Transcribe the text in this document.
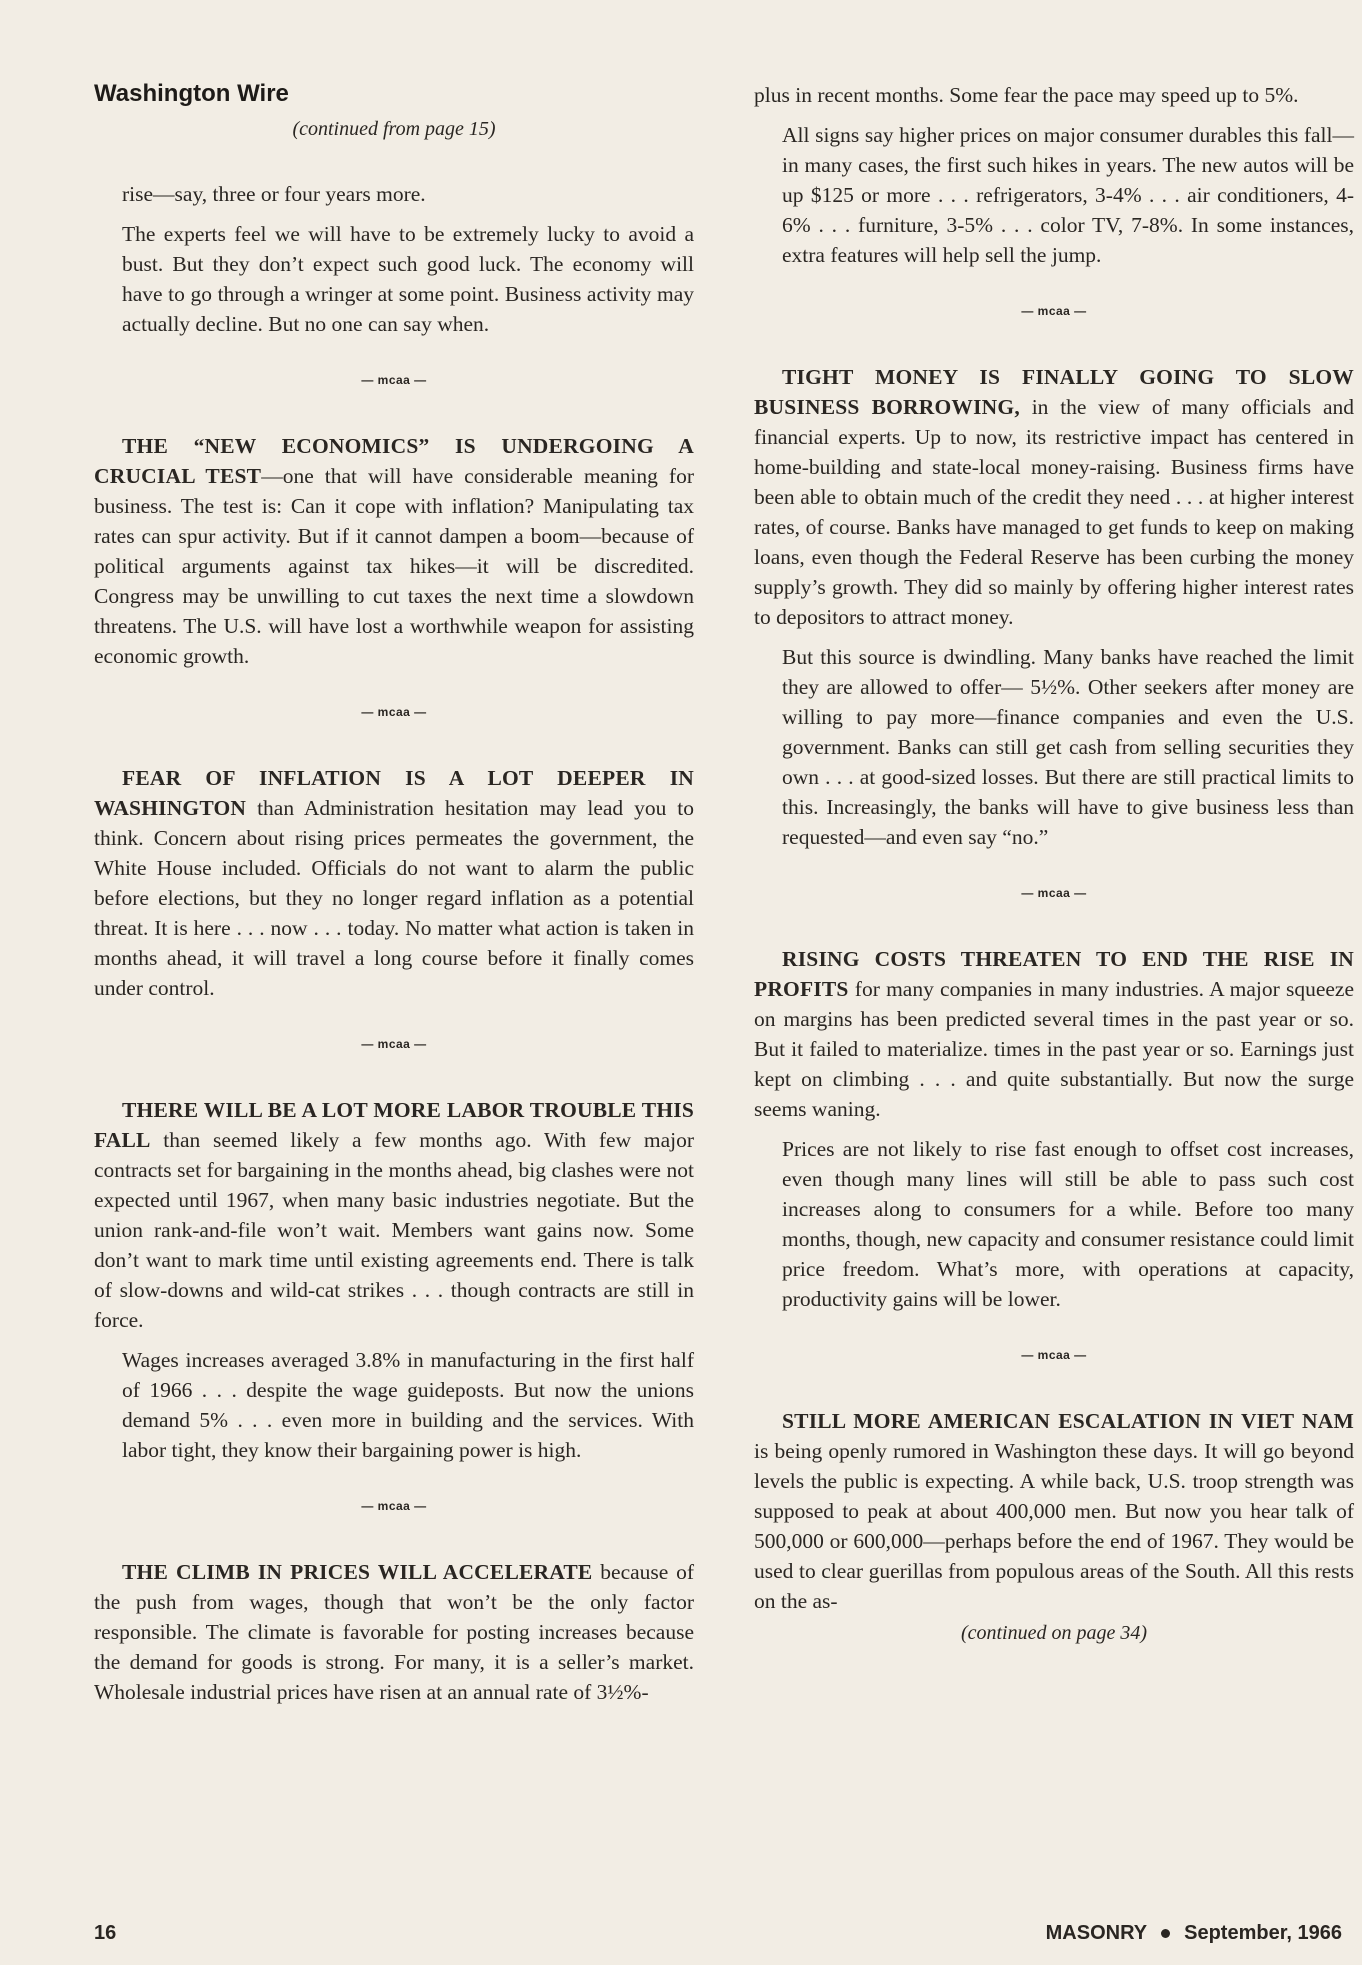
Washington Wire
(continued from page 15)

rise—say, three or four years more.

The experts feel we will have to be extremely lucky to avoid a bust. But they don’t expect such good luck. The economy will have to go through a wringer at some point. Business activity may actually decline. But no one can say when.

— mcaa —

THE “NEW ECONOMICS” IS UNDERGOING A CRUCIAL TEST—one that will have considerable meaning for business. The test is: Can it cope with inflation? Manipulating tax rates can spur activity. But if it cannot dampen a boom—because of political arguments against tax hikes—it will be discredited. Congress may be unwilling to cut taxes the next time a slowdown threatens. The U.S. will have lost a worthwhile weapon for assisting economic growth.

— mcaa —

FEAR OF INFLATION IS A LOT DEEPER IN WASHINGTON than Administration hesitation may lead you to think. Concern about rising prices permeates the government, the White House included. Officials do not want to alarm the public before elections, but they no longer regard inflation as a potential threat. It is here . . . now . . . today. No matter what action is taken in months ahead, it will travel a long course before it finally comes under control.

— mcaa —

THERE WILL BE A LOT MORE LABOR TROUBLE THIS FALL than seemed likely a few months ago. With few major contracts set for bargaining in the months ahead, big clashes were not expected until 1967, when many basic industries negotiate. But the union rank-and-file won’t wait. Members want gains now. Some don’t want to mark time until existing agreements end. There is talk of slow-downs and wild-cat strikes . . . though contracts are still in force.

Wages increases averaged 3.8% in manufacturing in the first half of 1966 . . . despite the wage guideposts. But now the unions demand 5% . . . even more in building and the services. With labor tight, they know their bargaining power is high.

— mcaa —

THE CLIMB IN PRICES WILL ACCELERATE because of the push from wages, though that won’t be the only factor responsible. The climate is favorable for posting increases because the demand for goods is strong. For many, it is a seller’s market. Wholesale industrial prices have risen at an annual rate of 3½%-

plus in recent months. Some fear the pace may speed up to 5%.

All signs say higher prices on major consumer durables this fall—in many cases, the first such hikes in years. The new autos will be up $125 or more . . . refrigerators, 3-4% . . . air conditioners, 4-6% . . . furniture, 3-5% . . . color TV, 7-8%. In some instances, extra features will help sell the jump.

— mcaa —

TIGHT MONEY IS FINALLY GOING TO SLOW BUSINESS BORROWING, in the view of many officials and financial experts. Up to now, its restrictive impact has centered in home-building and state-local money-raising. Business firms have been able to obtain much of the credit they need . . . at higher interest rates, of course. Banks have managed to get funds to keep on making loans, even though the Federal Reserve has been curbing the money supply’s growth. They did so mainly by offering higher interest rates to depositors to attract money.

But this source is dwindling. Many banks have reached the limit they are allowed to offer— 5½%. Other seekers after money are willing to pay more—finance companies and even the U.S. government. Banks can still get cash from selling securities they own . . . at good-sized losses. But there are still practical limits to this. Increasingly, the banks will have to give business less than requested—and even say “no.”

— mcaa —

RISING COSTS THREATEN TO END THE RISE IN PROFITS for many companies in many industries. A major squeeze on margins has been predicted several times in the past year or so. But it failed to materialize. times in the past year or so. Earnings just kept on climbing . . . and quite substantially. But now the surge seems waning.

Prices are not likely to rise fast enough to offset cost increases, even though many lines will still be able to pass such cost increases along to consumers for a while. Before too many months, though, new capacity and consumer resistance could limit price freedom. What’s more, with operations at capacity, productivity gains will be lower.

— mcaa —

STILL MORE AMERICAN ESCALATION IN VIET NAM is being openly rumored in Washington these days. It will go beyond levels the public is expecting. A while back, U.S. troop strength was supposed to peak at about 400,000 men. But now you hear talk of 500,000 or 600,000—perhaps before the end of 1967. They would be used to clear guerillas from populous areas of the South. All this rests on the as-

(continued on page 34)
16	MASONRY September, 1966
